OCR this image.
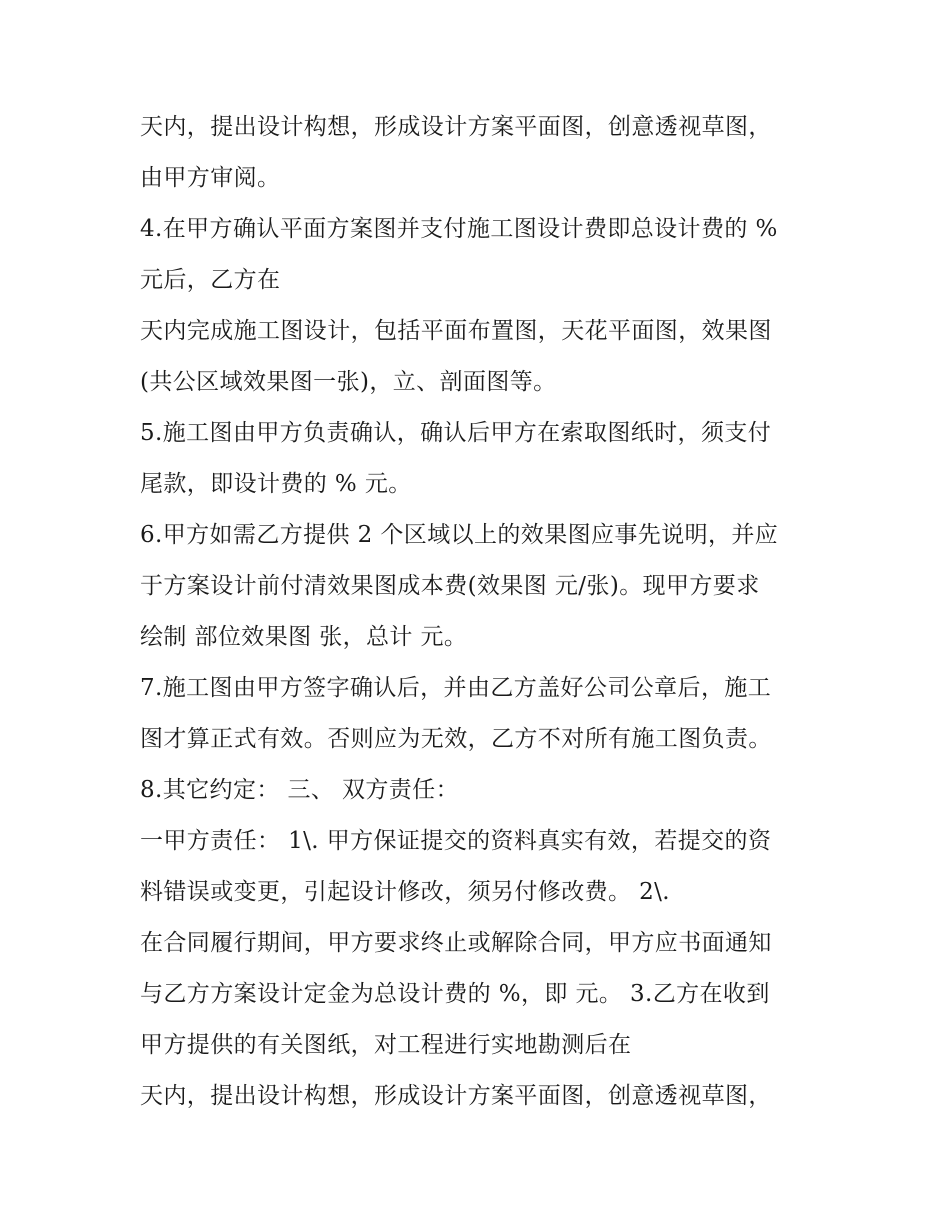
天内，提出设计构想，形成设计方案平面图，创意透视草图，
由甲方审阅。
4.在甲方确认平面方案图并支付施工图设计费即总设计费的 %
元后，乙方在
天内完成施工图设计，包括平面布置图，天花平面图，效果图
(共公区域效果图一张)，立、剖面图等。
5.施工图由甲方负责确认，确认后甲方在索取图纸时，须支付
尾款，即设计费的 % 元。
6.甲方如需乙方提供 2 个区域以上的效果图应事先说明，并应
于方案设计前付清效果图成本费(效果图 元/张)。现甲方要求
绘制 部位效果图 张，总计 元。
7.施工图由甲方签字确认后，并由乙方盖好公司公章后，施工
图才算正式有效。否则应为无效，乙方不对所有施工图负责。
8.其它约定： 三、 双方责任：
一甲方责任： 1\. 甲方保证提交的资料真实有效，若提交的资
料错误或变更，引起设计修改，须另付修改费。 2\.
在合同履行期间，甲方要求终止或解除合同，甲方应书面通知
与乙方方案设计定金为总设计费的 %，即 元。 3.乙方在收到
甲方提供的有关图纸，对工程进行实地勘测后在
天内，提出设计构想，形成设计方案平面图，创意透视草图，
